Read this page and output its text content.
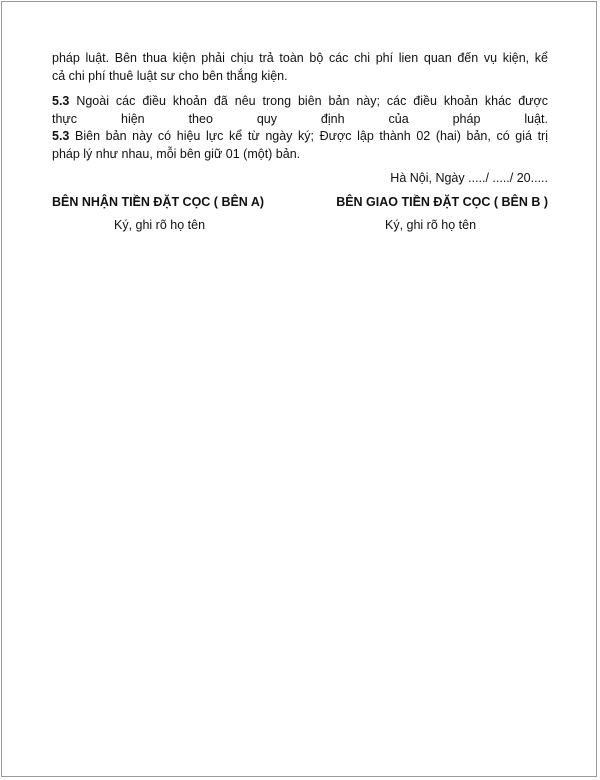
pháp luật. Bên thua kiện phải chịu trả toàn bộ các chi phí lien quan đến vụ kiện, kể
cả chi phí thuê luật sư cho bên thắng kiện.
5.3 Ngoài các điều khoản đã nêu trong biên bản này; các điều khoản khác được
thực hiện theo quy định của pháp luật.
5.3 Biên bản này có hiệu lực kể từ ngày ký; Được lập thành 02 (hai) bản, có giá trị
pháp lý như nhau, mỗi bên giữ 01 (một) bản.
Hà Nội, Ngày ...../ ...../ 20.....
BÊN NHẬN TIỀN ĐẶT CỌC ( BÊN A)
Ký, ghi rõ họ tên
BÊN GIAO TIỀN ĐẶT CỌC ( BÊN B )
Ký, ghi rõ họ tên
